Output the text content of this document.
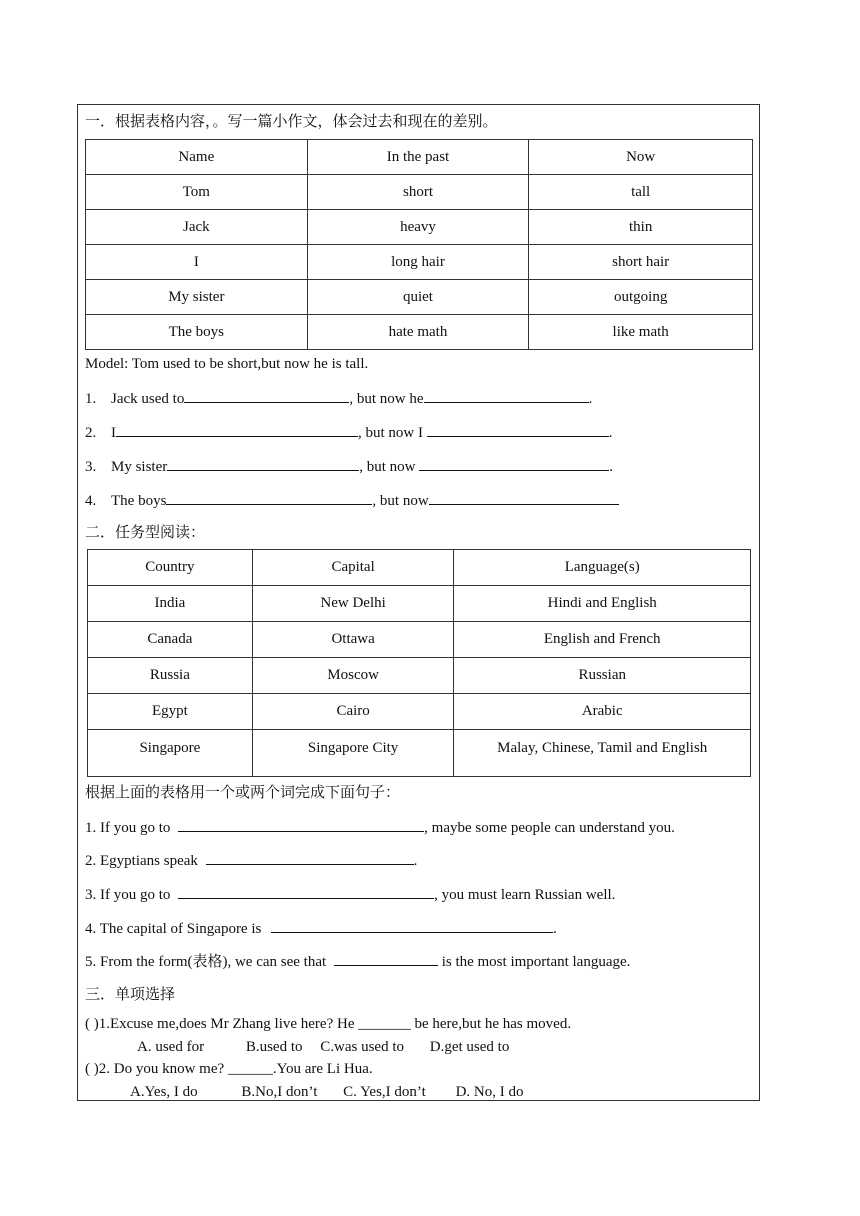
一．根据表格内容，。写一篇小作文，体会过去和现在的差别。
Name	In the past	Now
Tom	short	tall
Jack	heavy	thin
I	long hair	short hair
My sister	quiet	outgoing
The boys	hate math	like math
Model: Tom used to be short,but now he is tall.
1. Jack used to	, but now he	.
2. I	, but now I	.
3. My sister	, but now	.
4. The boys	, but now
二．任务型阅读：
Country	Capital	Language(s)
India	New Delhi	Hindi and English
Canada	Ottawa	English and French
Russia	Moscow	Russian
Egypt	Cairo	Arabic
Singapore	Singapore City	Malay, Chinese, Tamil and English
根据上面的表格用一个或两个词完成下面句子：
1. If you go to	, maybe some people can understand you.
2. Egyptians speak	.
3. If you go to	, you must learn Russian well.
4. The capital of Singapore is	.
5. From the form(表格), we can see that	is the most important language.
三．单项选择
( )1.Excuse me,does Mr Zhang live here? He _______ be here,but he has moved.
A. used for	B.used to C.was used to D.get used to
( )2. Do you know me? ______.You are Li Hua.
A.Yes, I do	B.No,I don’t C. Yes,I don’t D. No, I do
